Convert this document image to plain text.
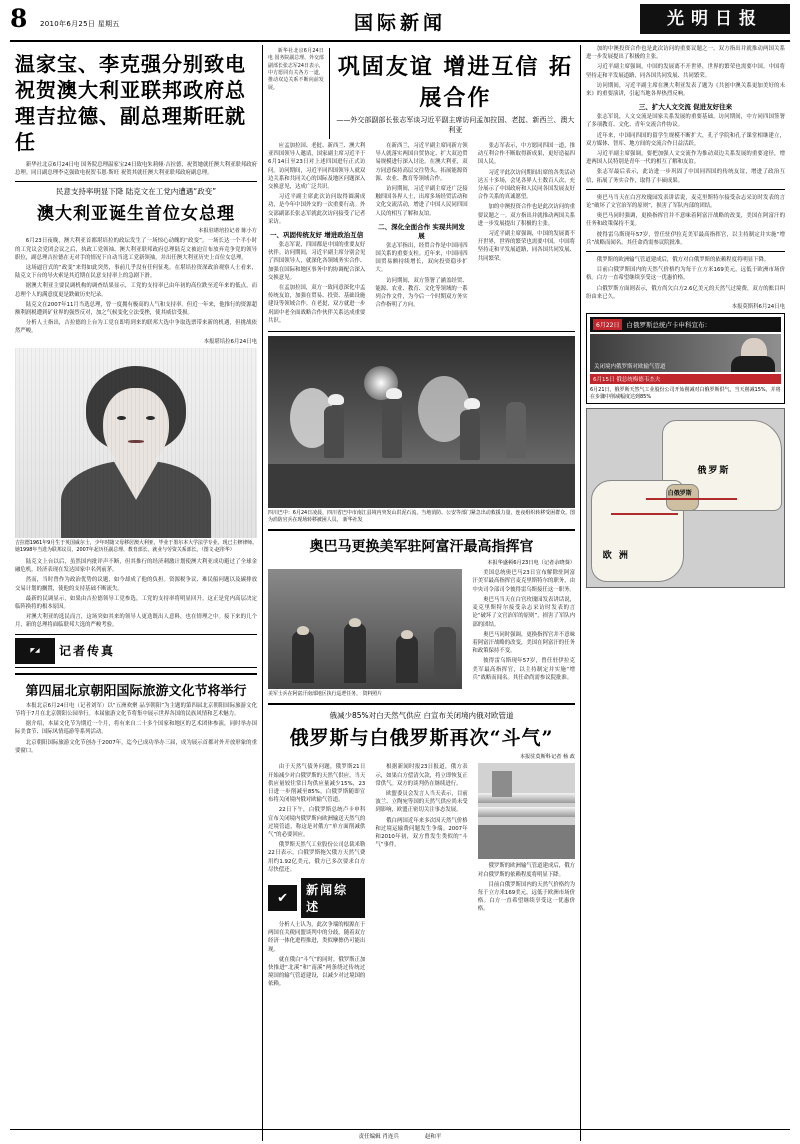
8 2010年6月25日 星期五	国际新闻	光明日报
温家宝、李克强分别致电祝贺澳大利亚联邦政府总理吉拉德、副总理斯旺就任

新华社北京6月24日电 国务院总理温家宝24日致电朱莉娅·吉拉德，祝贺她就任澳大利亚联邦政府总理。同日副总理李克强致电祝贺韦恩·斯旺 祝贺其就任澳大利亚联邦政府副总理。

民意支持率明显下降 陆克文在工党内遭遇“政变”
澳大利亚诞生首位女总理
本报驻堪培拉记者 陈小方

6月23日夜晚，澳大利亚首都堪培拉的政坛发生了一场惊心动魄的“政变”。一场长达一个半小时的工党议会党团会议之后，执政工党领袖、澳大利亚联邦政府总理陆克文被迫宣布放弃竞争党的领导职位，副总理吉拉德在无对手的情况下自动当选工党新领袖，并出任澳大利亚历史上首位女总理。

这场逼宫式的“政变”来得如此突然，事前几乎没有任何征兆。在堪培拉资深政治观察人士看来，陆克文下台的导火索是其近期在民意支持率上的急剧下滑。

据澳大利亚主要民调机构的调查结果显示，工党的支持率已由年初的高位跌至近年来的低点，而总理个人的满意度更是跌破历史纪录。

陆克文在2007年11月当选总理，曾一度拥有极高的人气和支持率。但近一年来，他推行的资源超额利润税遭到矿业界的强烈反对，加之气候变化立法受挫，使其威信受损。

分析人士指出，吉拉德的上台为工党在即将到来的联邦大选中争取选票带来新的机遇，但挑战依然严峻。

本报堪培拉6月24日电

吉拉德1961年9月生于英国威尔士，少年时随父母移居澳大利亚，毕业于墨尔本大学法学专业，现已主修律师。她1998年当选为联邦议员，2007年起历任副总理、教育部长、就业与劳资关系部长。（图文·赵彤华）

陆克文上台以后，虽然国内批评声不断，但其推行的经济刺激计划使澳大利亚成功避过了全球金融危机，经济表现在发达国家中名列前茅。

然而，当时曾作为政治优势的议题，如今却成了他的负担。资源税争议、难民船问题以及碳排放交易计划的搁置，使他的支持基础不断流失。

最新的民调显示，如果由吉拉德领导工党参选，工党的支持率将明显回升。这正是党内高层决定临阵换将的根本原因。

对澳大利亚的选民而言，这场突如其来的领导人更迭既出人意料，也在情理之中。接下来的几个月，新的总理将面临联邦大选的严峻考验。

◤◢	记者传真
第四届北京朝阳国际旅游文化节将举行

本报北京6月24日电（记者刘军）以“五洲欢聚 品享朝阳”为主题的第四届北京朝阳国际旅游文化节将于7月在北京朝阳公园举行。本届旅游文化节将集中展示世界各国的民族风情和艺术魅力。

据介绍，本届文化节为期近一个月，将有来自二十多个国家和地区的艺术团体参演，同时举办国际美食节、国际风情巡游等系列活动。

北京朝阳国际旅游文化节创办于2007年，迄今已成功举办三届，成为展示首都对外开放形象的重要窗口。

新华社北京6月24日电 国务院副总理、外交部副部长张志军24日表示，中方愿同有关各方一道，推动双边关系不断向前发展。

巩固友谊 增进互信 拓展合作
——外交部副部长张志军谈习近平副主席访问孟加拉国、老挝、新西兰、澳大利亚

应孟加拉国、老挝、新西兰、澳大利亚四国领导人邀请，国家副主席习近平于6月14日至23日对上述四国进行正式访问。访问期间，习近平同四国领导人就双边关系和共同关心的国际及地区问题深入交换意见，达成广泛共识。

习近平副主席此次访问取得圆满成功，是今年中国外交的一次重要行动。外交部副部长张志军就此次访问接受了记者采访。

一、巩固传统友好 增进政治互信

张志军说，四国都是中国的重要友好伙伴。访问期间，习近平副主席分别会见了四国领导人，就深化各领域务实合作、加强在国际和地区事务中的协调配合深入交换意见。

在孟加拉国，双方一致同意深化中孟传统友谊，加强在贸易、投资、基础设施建设等领域合作。在老挝，双方就进一步巩固中老全面战略合作伙伴关系达成重要共识。

在新西兰，习近平副主席同新方领导人就落实两国自贸协定、扩大双边贸易规模进行深入讨论。在澳大利亚，双方同意保持高层交往势头，拓展能源资源、农业、教育等领域合作。

访问期间，习近平副主席还广泛接触四国各界人士，出席多场经贸活动和文化交流活动，增进了中国人民同四国人民的相互了解和友谊。

二、深化全面合作 实现共同发展

张志军指出，经贸合作是中国同四国关系的重要支柱。近年来，中国同四国贸易额持续增长，双向投资稳步扩大。

访问期间，双方签署了涵盖经贸、能源、农业、教育、文化等领域的一系列合作文件，为今后一个时期双方务实合作指明了方向。

张志军表示，中方愿同四国一道，推动互利合作不断取得新成果，更好造福四国人民。

习近平此次访问期间出席的各类活动达五十多场，会见各界人士数百人次，充分展示了中国政府和人民同各国发展友好合作关系的真诚愿望。

加的中澳投资合作也是此次访问的重要议题之一。双方指出并就推动两国关系进一步发展提出了积极的主张。

习近平副主席强调，中国的发展离不开世界，世界的繁荣也需要中国。中国将坚持走和平发展道路，同各国共同发展、共同繁荣。

四川巴中：6月24日凌晨，四川省巴中市南江县境内突发山洪泥石流，当地消防、公安等部门紧急出动救援力量，连夜组织转移受困群众。图为消防官兵在现场转移被困人员。 新华社发
奥巴马更换美军驻阿富汗最高指挥官
本报华盛顿6月23日电（记者余晓葵）
美军士兵在阿富汗南部地区执行巡逻任务。 资料照片

美国总统奥巴马23日宣布解除驻阿富汗美军最高指挥官麦克里斯特尔的职务，由中央司令部司令彼得雷乌斯接任这一职务。

奥巴马当天在白宫玫瑰园发表讲话说，麦克里斯特尔接受杂志采访时发表的言论“破坏了文官治军的原则”，损害了军队内部的团结。

奥巴马同时强调，更换指挥官并不意味着阿富汗战略的改变，美国在阿富汗的任务和政策保持不变。

彼得雷乌斯现年57岁，曾任驻伊拉克美军最高指挥官，以主持制定并实施“增兵”战略而闻名。其任命尚需参议院批准。

俄减少85%对白天然气供应 白宣布关闭境内俄对欧管道
俄罗斯与白俄罗斯再次“斗气”
本报驻莫斯科记者 杨 政

由于天然气债务问题，俄罗斯21日开始减少对白俄罗斯的天然气供应，当天供应量较往常日均供应量减少15%，23日进一步削减至85%，白俄罗斯随即宣布将关闭境内俄对欧输气管道。

22日下午，白俄罗斯总统卢卡申科宣布关闭境内俄罗斯向欧洲输送天然气的过境管道，称这是对俄方“单方面削减供气”的必要回应。

俄罗斯天然气工业股份公司总裁米勒22日表示，白俄罗斯拖欠俄方天然气费用约1.92亿美元，俄方已多次要求白方尽快偿还。

✔
新闻综述

分析人士认为，此次争端的根源在于两国在关税同盟谈判中的分歧。随着双方经济一体化进程推进，类似摩擦仍可能出现。

就在俄白“斗气”的同时，俄罗斯正加快推进“北溪”和“南溪”两条绕过传统过境国的输气管道建设，以减少对过境国的依赖。

根据新闻时报23日报道，俄方表示，如果白方偿清欠款，将立即恢复正常供气。双方的谈判仍在继续进行。

欧盟委员会发言人当天表示，目前波兰、立陶宛等国的天然气供应尚未受到影响，欧盟正密切关注事态发展。

俄白两国近年来多次因天然气价格和过境运输费问题发生争端。2007年和2010年初，双方曾发生类似的“斗气”事件。

俄罗斯的欧洲输气管道建成后，俄方对白俄罗斯的依赖程度将明显下降。

目前白俄罗斯国内的天然气价格约为每千立方米169美元，远低于欧洲市场价格。白方一直希望继续享受这一优惠价格。

加的中澳投资合作也是此次访问的重要议题之一。双方指出并就推动两国关系进一步发展提出了积极的主张。

习近平副主席强调，中国的发展离不开世界，世界的繁荣也需要中国。中国将坚持走和平发展道路，同各国共同发展、共同繁荣。

访问期间，习近平副主席在澳大利亚发表了题为《共创中澳关系更加美好的未来》的重要演讲，引起当地各界热烈反响。

三、扩大人文交流 促进友好往来

张志军说，人文交流是国家关系发展的重要基础。访问期间，中方同四国签署了多项教育、文化、青年交流合作协议。

近年来，中国同四国的留学生规模不断扩大，孔子学院和孔子课堂相继建立，双方媒体、智库、地方间的交流合作日益活跃。

习近平副主席强调，要把加强人文交流作为推动双边关系发展的重要途径，增进两国人民特别是青年一代的相互了解和友谊。

张志军最后表示，此访进一步巩固了中国同四国的传统友谊，增进了政治互信，拓展了务实合作，取得了丰硕成果。

奥巴马当天在白宫玫瑰园发表讲话说，麦克里斯特尔接受杂志采访时发表的言论“破坏了文官治军的原则”，损害了军队内部的团结。

奥巴马同时强调，更换指挥官并不意味着阿富汗战略的改变，美国在阿富汗的任务和政策保持不变。

彼得雷乌斯现年57岁，曾任驻伊拉克美军最高指挥官，以主持制定并实施“增兵”战略而闻名。其任命尚需参议院批准。

俄罗斯的欧洲输气管道建成后，俄方对白俄罗斯的依赖程度将明显下降。

目前白俄罗斯国内的天然气价格约为每千立方米169美元，远低于欧洲市场价格。白方一直希望继续享受这一优惠价格。

白俄罗斯方面则表示，俄方尚欠白方2.6亿美元的天然气过境费，双方的账目纠纷由来已久。

本报莫斯科6月24日电

6月22日	白俄罗斯总统卢卡申科宣布：
关闭境内俄罗斯对欧输气管道
6月15日 俄总统梅德韦杰夫
6月21日，俄罗斯天然气工业股份公司开始削减对白俄罗斯供气，当天削减15%，并将在步骤中削减幅度达到85%
俄罗斯
白俄罗斯
欧 洲
责任编辑 肖连兵	赵和平
